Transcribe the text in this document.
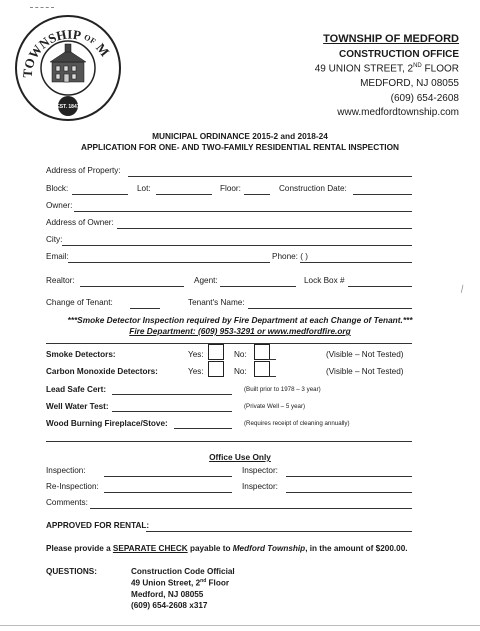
TOWNSHIP OF M
EST. 1847
TOWNSHIP OF MEDFORD
CONSTRUCTION OFFICE
49 UNION STREET, 2ND FLOOR
MEDFORD, NJ 08055
(609) 654-2608
www.medfordtownship.com
MUNICIPAL ORDINANCE 2015-2 and 2018-24
APPLICATION FOR ONE- AND TWO-FAMILY RESIDENTIAL RENTAL INSPECTION
Address of Property:
Block:	Lot:	Floor:	Construction Date:
Owner:
Address of Owner:
City:
Email:	Phone: ( )
Realtor:	Agent:	Lock Box #
Change of Tenant:	Tenant's Name:
⁄
***Smoke Detector Inspection required by Fire Department at each Change of Tenant.***
Fire Department: (609) 953-3291 or www.medfordfire.org
Smoke Detectors:	Yes:	No:	(Visible – Not Tested)
Carbon Monoxide Detectors:	Yes:	No:	(Visible – Not Tested)
Lead Safe Cert:	(Built prior to 1978 – 3 year)
Well Water Test:	(Private Well – 5 year)
Wood Burning Fireplace/Stove:	(Requires receipt of cleaning annually)
Office Use Only
Inspection:	Inspector:
Re-Inspection:	Inspector:
Comments:
APPROVED FOR RENTAL:
Please provide a SEPARATE CHECK payable to Medford Township, in the amount of $200.00.
QUESTIONS:	Construction Code Official
49 Union Street, 2nd Floor
Medford, NJ 08055
(609) 654-2608 x317
